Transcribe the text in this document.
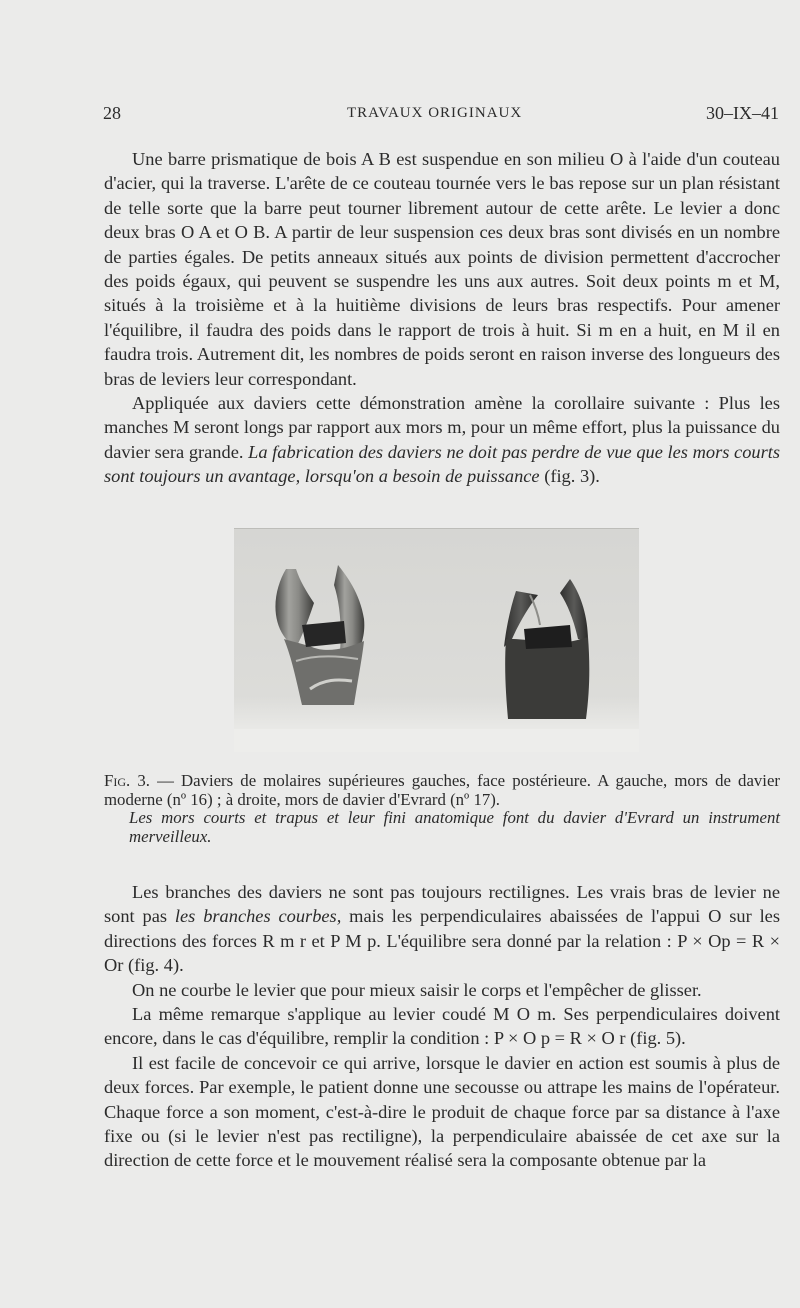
28	TRAVAUX ORIGINAUX	30–IX–41

Une barre prismatique de bois A B est suspendue en son milieu O à l'aide d'un couteau d'acier, qui la traverse. L'arête de ce couteau tournée vers le bas repose sur un plan résistant de telle sorte que la barre peut tourner librement autour de cette arête. Le levier a donc deux bras O A et O B. A partir de leur suspension ces deux bras sont divisés en un nombre de parties égales. De petits anneaux situés aux points de division permettent d'accrocher des poids égaux, qui peuvent se suspendre les uns aux autres. Soit deux points m et M, situés à la troisième et à la huitième divisions de leurs bras respectifs. Pour amener l'équilibre, il faudra des poids dans le rapport de trois à huit. Si m en a huit, en M il en faudra trois. Autrement dit, les nombres de poids seront en raison inverse des longueurs des bras de leviers leur correspondant.

Appliquée aux daviers cette démonstration amène la corollaire suivante : Plus les manches M seront longs par rapport aux mors m, pour un même effort, plus la puissance du davier sera grande. La fabrication des daviers ne doit pas perdre de vue que les mors courts sont toujours un avantage, lorsqu'on a besoin de puissance (fig. 3).

Fig. 3. — Daviers de molaires supérieures gauches, face postérieure. A gauche, mors de davier moderne (nº 16) ; à droite, mors de davier d'Evrard (nº 17).
Les mors courts et trapus et leur fini anatomique font du davier d'Evrard un instrument merveilleux.

Les branches des daviers ne sont pas toujours rectilignes. Les vrais bras de levier ne sont pas les branches courbes, mais les perpendiculaires abaissées de l'appui O sur les directions des forces R m r et P M p. L'équilibre sera donné par la relation : P × Op = R × Or (fig. 4).

On ne courbe le levier que pour mieux saisir le corps et l'empêcher de glisser.

La même remarque s'applique au levier coudé M O m. Ses perpendiculaires doivent encore, dans le cas d'équilibre, remplir la condition : P × O p = R × O r (fig. 5).

Il est facile de concevoir ce qui arrive, lorsque le davier en action est soumis à plus de deux forces. Par exemple, le patient donne une secousse ou attrape les mains de l'opérateur. Chaque force a son moment, c'est-à-dire le produit de chaque force par sa distance à l'axe fixe ou (si le levier n'est pas rectiligne), la perpendiculaire abaissée de cet axe sur la direction de cette force et le mouvement réalisé sera la composante obtenue par la
